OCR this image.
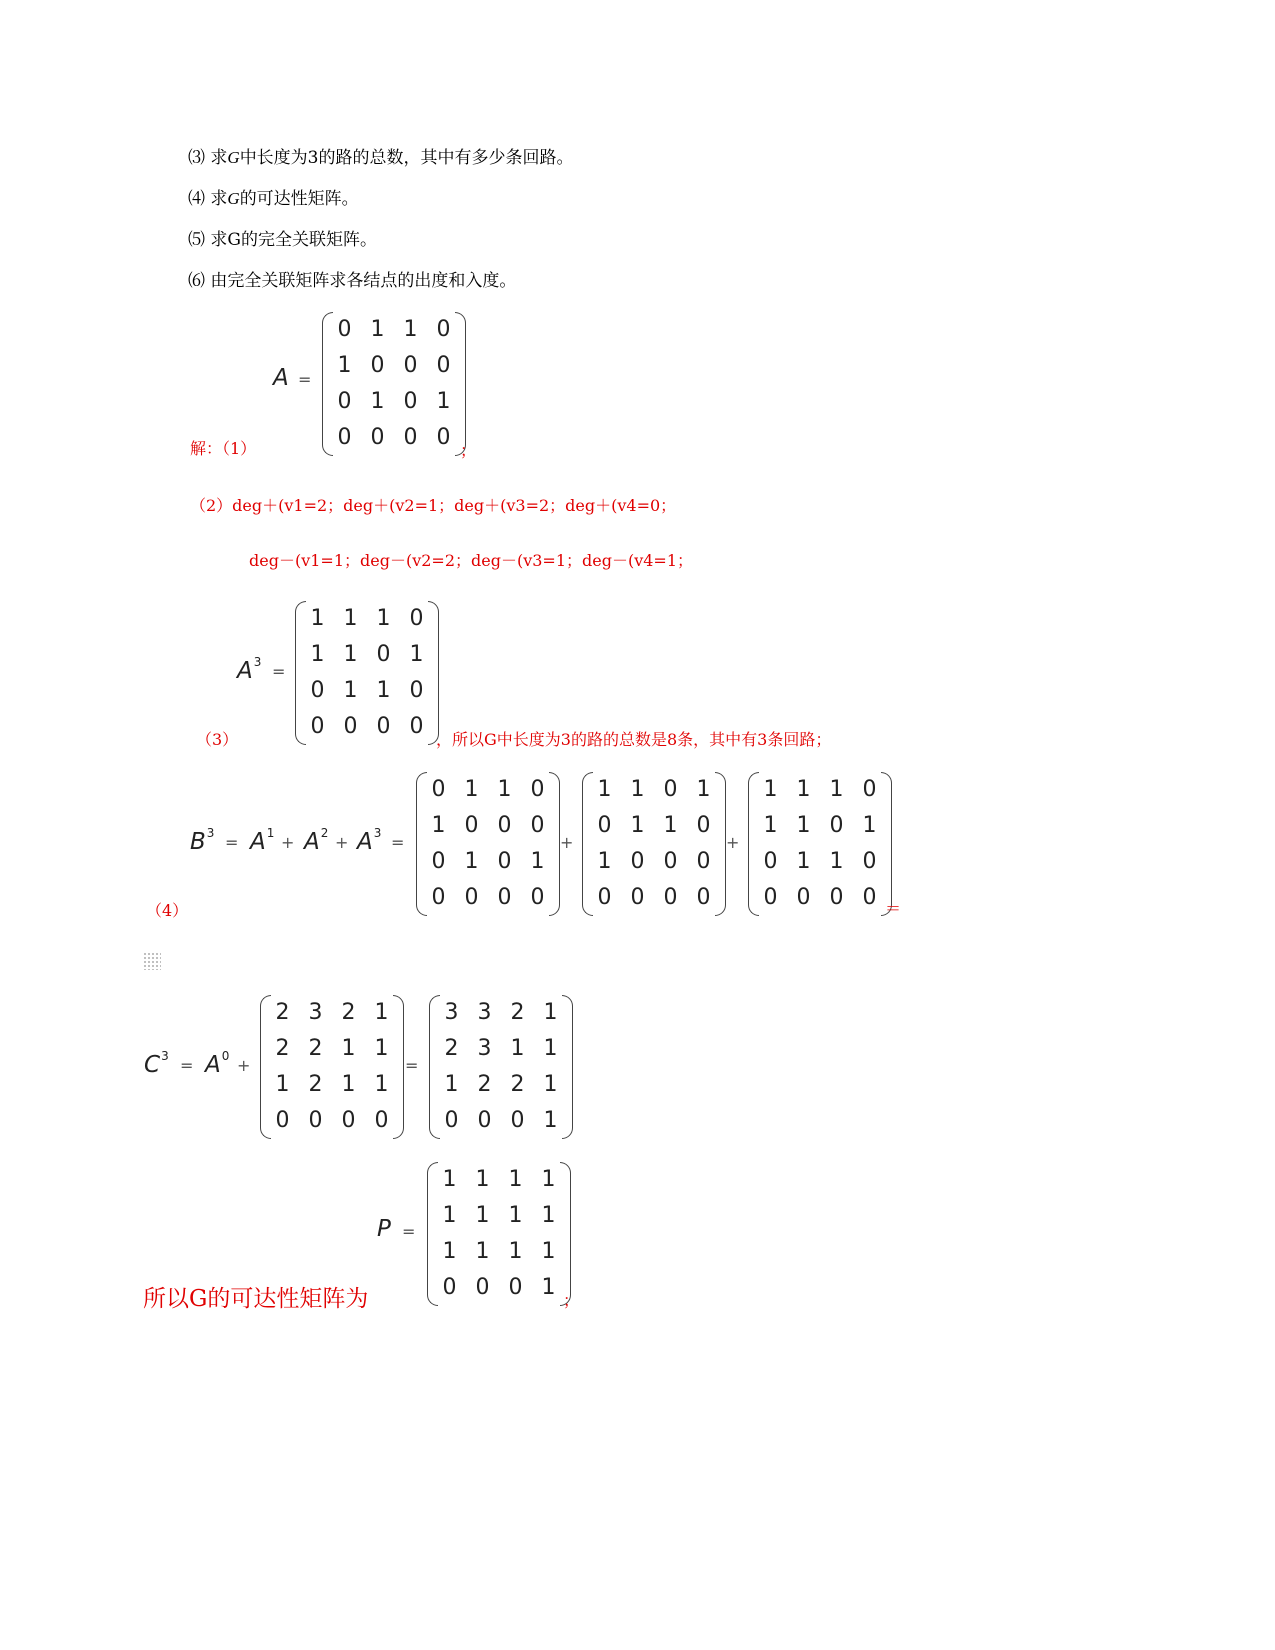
⑶ 求G中长度为3的路的总数，其中有多少条回路。
⑷ 求G的可达性矩阵。
⑸ 求G的完全关联矩阵。
⑹ 由完全关联矩阵求各结点的出度和入度。
A =
0 1 1 0
1 0 0 0
0 1 0 1
0 0 0 0
解：（1）	；
（2）deg＋(v1=2；deg＋(v2=1；deg＋(v3=2；deg＋(v4=0；
deg－(v1=1；deg－(v2=2；deg－(v3=1；deg－(v4=1；
$A^3$ =
1 1 1 0
1 1 0 1
0 1 1 0
0 0 0 0
（3）	，所以G中长度为3的路的总数是8条，其中有3条回路；
$B^3 = A^1 + A^2 + A^3$ =
0 1 1 0
1 0 0 0
0 1 0 1
0 0 0 0
+
1 1 0 1
0 1 1 0
1 0 0 0
0 0 0 0
+
1 1 1 0
1 1 0 1
0 1 1 0
0 0 0 0
（4）	＝
$C^3 = A^0$ +
2 3 2 1
2 2 1 1
1 2 1 1
0 0 0 0
=
3 3 2 1
2 3 1 1
1 2 2 1
0 0 0 1
P =
1 1 1 1
1 1 1 1
1 1 1 1
0 0 0 1
所以G的可达性矩阵为	；
